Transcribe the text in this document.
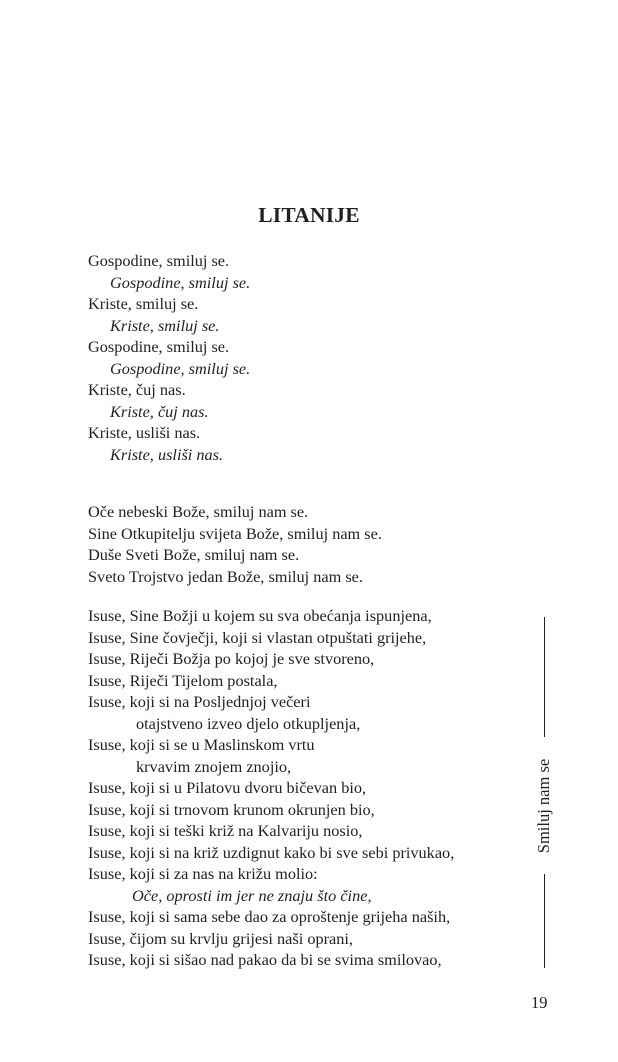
LITANIJE
Gospodine, smiluj se.
Gospodine, smiluj se.
Kriste, smiluj se.
Kriste, smiluj se.
Gospodine, smiluj se.
Gospodine, smiluj se.
Kriste, čuj nas.
Kriste, čuj nas.
Kriste, usliši nas.
Kriste, usliši nas.
Oče nebeski Bože, smiluj nam se.
Sine Otkupitelju svijeta Bože, smiluj nam se.
Duše Sveti Bože, smiluj nam se.
Sveto Trojstvo jedan Bože, smiluj nam se.
Isuse, Sine Božji u kojem su sva obećanja ispunjena,
Isuse, Sine čovječji, koji si vlastan otpuštati grijehe,
Isuse, Riječi Božja po kojoj je sve stvoreno,
Isuse, Riječi Tijelom postala,
Isuse, koji si na Posljednjoj večeri
otajstveno izveo djelo otkupljenja,
Isuse, koji si se u Maslinskom vrtu
krvavim znojem znojio,
Isuse, koji si u Pilatovu dvoru bičevan bio,
Isuse, koji si trnovom krunom okrunjen bio,
Isuse, koji si teški križ na Kalvariju nosio,
Isuse, koji si na križ uzdignut kako bi sve sebi privukao,
Isuse, koji si za nas na križu molio:
Oče, oprosti im jer ne znaju što čine,
Isuse, koji si sama sebe dao za oproštenje grijeha naših,
Isuse, čijom su krvlju grijesi naši oprani,
Isuse, koji si sišao nad pakao da bi se svima smilovao,
Smiluj nam se
19
